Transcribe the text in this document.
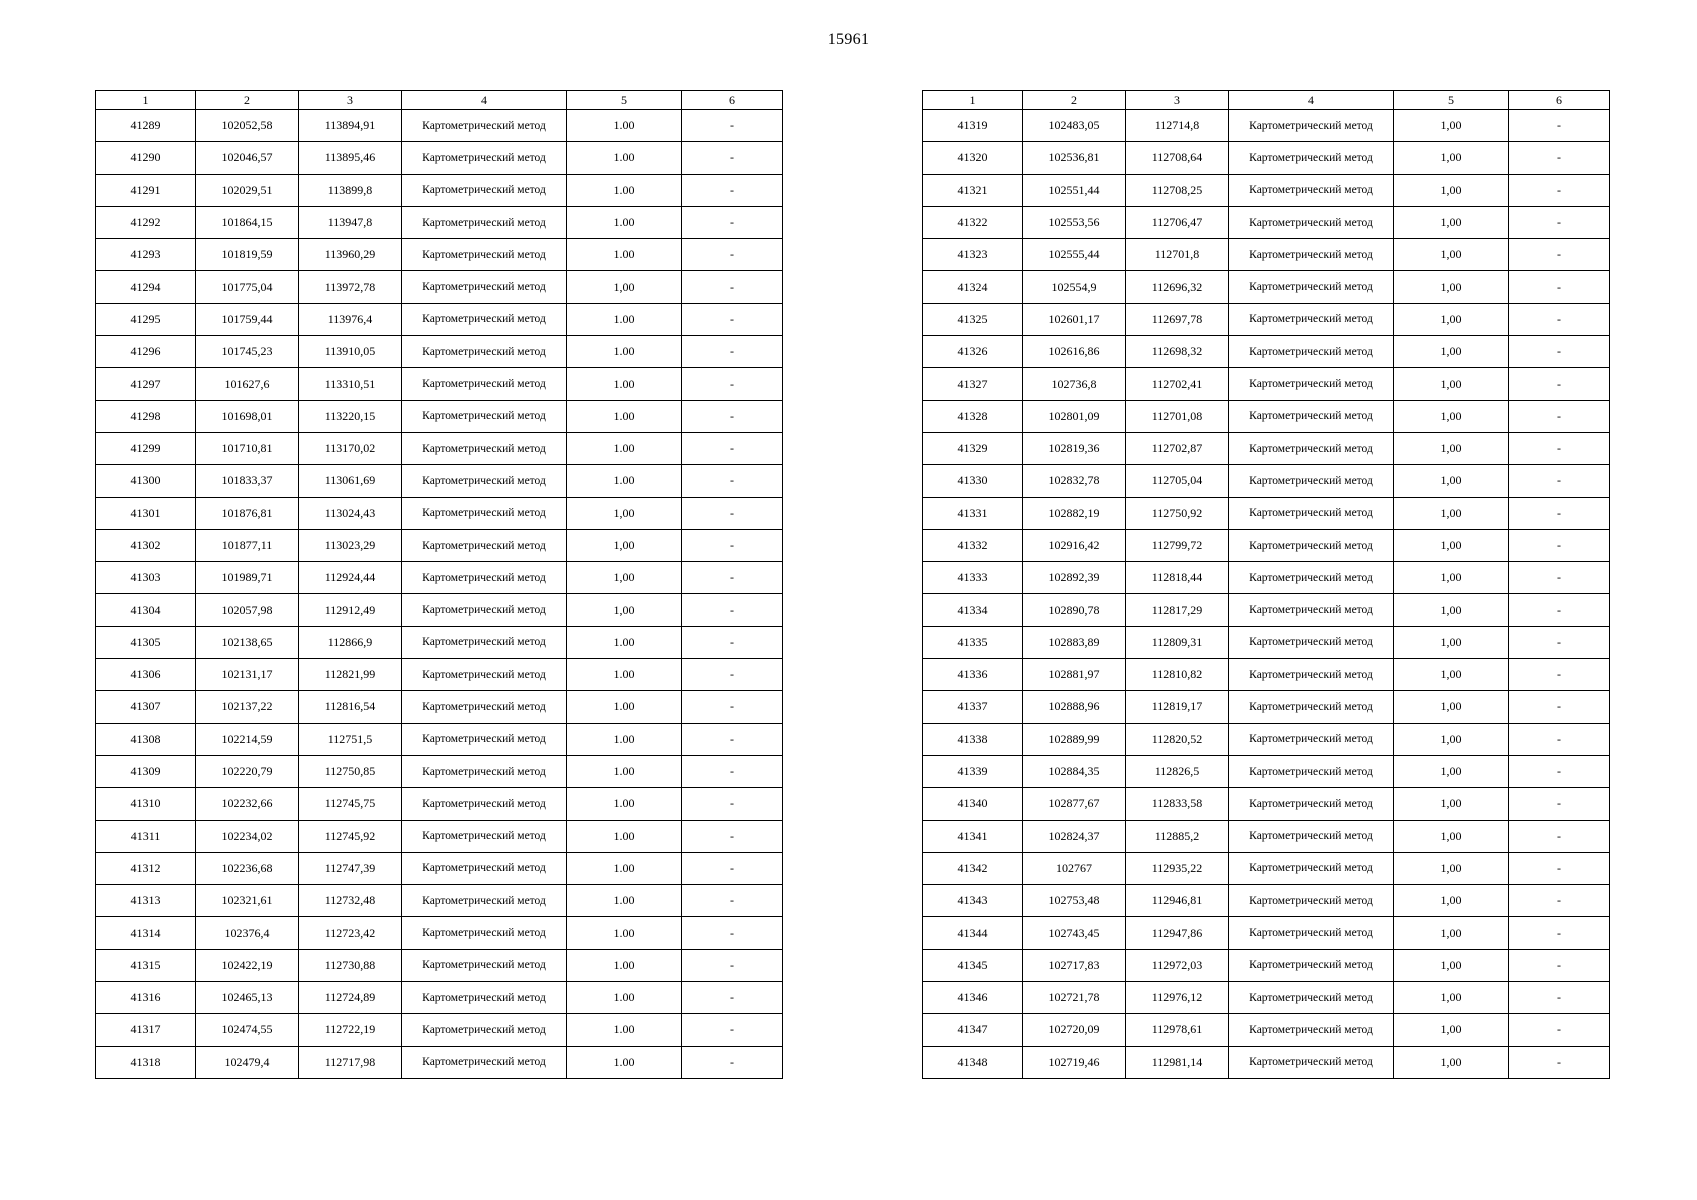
15961
1	2	3	4	5	6
41289	102052,58	113894,91	Картометрический метод	1.00	-
41290	102046,57	113895,46	Картометрический метод	1.00	-
41291	102029,51	113899,8	Картометрический метод	1.00	-
41292	101864,15	113947,8	Картометрический метод	1.00	-
41293	101819,59	113960,29	Картометрический метод	1.00	-
41294	101775,04	113972,78	Картометрический метод	1,00	-
41295	101759,44	113976,4	Картометрический метод	1.00	-
41296	101745,23	113910,05	Картометрический метод	1.00	-
41297	101627,6	113310,51	Картометрический метод	1.00	-
41298	101698,01	113220,15	Картометрический метод	1.00	-
41299	101710,81	113170,02	Картометрический метод	1.00	-
41300	101833,37	113061,69	Картометрический метод	1.00	-
41301	101876,81	113024,43	Картометрический метод	1,00	-
41302	101877,11	113023,29	Картометрический метод	1,00	-
41303	101989,71	112924,44	Картометрический метод	1,00	-
41304	102057,98	112912,49	Картометрический метод	1,00	-
41305	102138,65	112866,9	Картометрический метод	1.00	-
41306	102131,17	112821,99	Картометрический метод	1.00	-
41307	102137,22	112816,54	Картометрический метод	1.00	-
41308	102214,59	112751,5	Картометрический метод	1.00	-
41309	102220,79	112750,85	Картометрический метод	1.00	-
41310	102232,66	112745,75	Картометрический метод	1.00	-
41311	102234,02	112745,92	Картометрический метод	1.00	-
41312	102236,68	112747,39	Картометрический метод	1.00	-
41313	102321,61	112732,48	Картометрический метод	1.00	-
41314	102376,4	112723,42	Картометрический метод	1.00	-
41315	102422,19	112730,88	Картометрический метод	1.00	-
41316	102465,13	112724,89	Картометрический метод	1.00	-
41317	102474,55	112722,19	Картометрический метод	1.00	-
41318	102479,4	112717,98	Картометрический метод	1.00	-
1	2	3	4	5	6
41319	102483,05	112714,8	Картометрический метод	1,00	-
41320	102536,81	112708,64	Картометрический метод	1,00	-
41321	102551,44	112708,25	Картометрический метод	1,00	-
41322	102553,56	112706,47	Картометрический метод	1,00	-
41323	102555,44	112701,8	Картометрический метод	1,00	-
41324	102554,9	112696,32	Картометрический метод	1,00	-
41325	102601,17	112697,78	Картометрический метод	1,00	-
41326	102616,86	112698,32	Картометрический метод	1,00	-
41327	102736,8	112702,41	Картометрический метод	1,00	-
41328	102801,09	112701,08	Картометрический метод	1,00	-
41329	102819,36	112702,87	Картометрический метод	1,00	-
41330	102832,78	112705,04	Картометрический метод	1,00	-
41331	102882,19	112750,92	Картометрический метод	1,00	-
41332	102916,42	112799,72	Картометрический метод	1,00	-
41333	102892,39	112818,44	Картометрический метод	1,00	-
41334	102890,78	112817,29	Картометрический метод	1,00	-
41335	102883,89	112809,31	Картометрический метод	1,00	-
41336	102881,97	112810,82	Картометрический метод	1,00	-
41337	102888,96	112819,17	Картометрический метод	1,00	-
41338	102889,99	112820,52	Картометрический метод	1,00	-
41339	102884,35	112826,5	Картометрический метод	1,00	-
41340	102877,67	112833,58	Картометрический метод	1,00	-
41341	102824,37	112885,2	Картометрический метод	1,00	-
41342	102767	112935,22	Картометрический метод	1,00	-
41343	102753,48	112946,81	Картометрический метод	1,00	-
41344	102743,45	112947,86	Картометрический метод	1,00	-
41345	102717,83	112972,03	Картометрический метод	1,00	-
41346	102721,78	112976,12	Картометрический метод	1,00	-
41347	102720,09	112978,61	Картометрический метод	1,00	-
41348	102719,46	112981,14	Картометрический метод	1,00	-
